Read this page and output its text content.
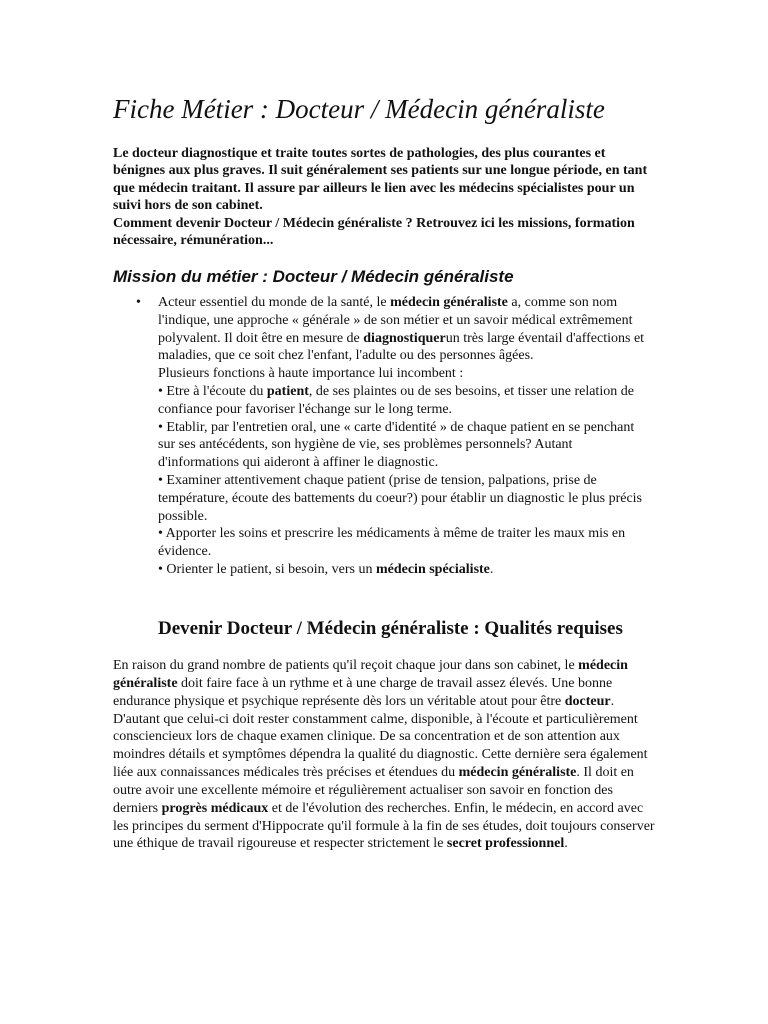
Fiche Métier : Docteur / Médecin généraliste

Le docteur diagnostique et traite toutes sortes de pathologies, des plus courantes et bénignes aux plus graves. Il suit généralement ses patients sur une longue période, en tant que médecin traitant. Il assure par ailleurs le lien avec les médecins spécialistes pour un suivi hors de son cabinet.

Comment devenir Docteur / Médecin généraliste ? Retrouvez ici les missions, formation nécessaire, rémunération...

Mission du métier : Docteur / Médecin généraliste
• Acteur essentiel du monde de la santé, le médecin généraliste a, comme son nom l'indique, une approche « générale » de son métier et un savoir médical extrêmement polyvalent. Il doit être en mesure de diagnostiquerun très large éventail d'affections et maladies, que ce soit chez l'enfant, l'adulte ou des personnes âgées.
Plusieurs fonctions à haute importance lui incombent :
• Etre à l'écoute du patient, de ses plaintes ou de ses besoins, et tisser une relation de confiance pour favoriser l'échange sur le long terme.
• Etablir, par l'entretien oral, une « carte d'identité » de chaque patient en se penchant sur ses antécédents, son hygiène de vie, ses problèmes personnels? Autant d'informations qui aideront à affiner le diagnostic.
• Examiner attentivement chaque patient (prise de tension, palpations, prise de température, écoute des battements du coeur?) pour établir un diagnostic le plus précis possible.
• Apporter les soins et prescrire les médicaments à même de traiter les maux mis en évidence.
• Orienter le patient, si besoin, vers un médecin spécialiste.
Devenir Docteur / Médecin généraliste : Qualités requises

En raison du grand nombre de patients qu'il reçoit chaque jour dans son cabinet, le médecin généraliste doit faire face à un rythme et à une charge de travail assez élevés. Une bonne endurance physique et psychique représente dès lors un véritable atout pour être docteur. D'autant que celui-ci doit rester constamment calme, disponible, à l'écoute et particulièrement consciencieux lors de chaque examen clinique. De sa concentration et de son attention aux moindres détails et symptômes dépendra la qualité du diagnostic. Cette dernière sera également liée aux connaissances médicales très précises et étendues du médecin généraliste. Il doit en outre avoir une excellente mémoire et régulièrement actualiser son savoir en fonction des derniers progrès médicaux et de l'évolution des recherches. Enfin, le médecin, en accord avec les principes du serment d'Hippocrate qu'il formule à la fin de ses études, doit toujours conserver une éthique de travail rigoureuse et respecter strictement le secret professionnel.
